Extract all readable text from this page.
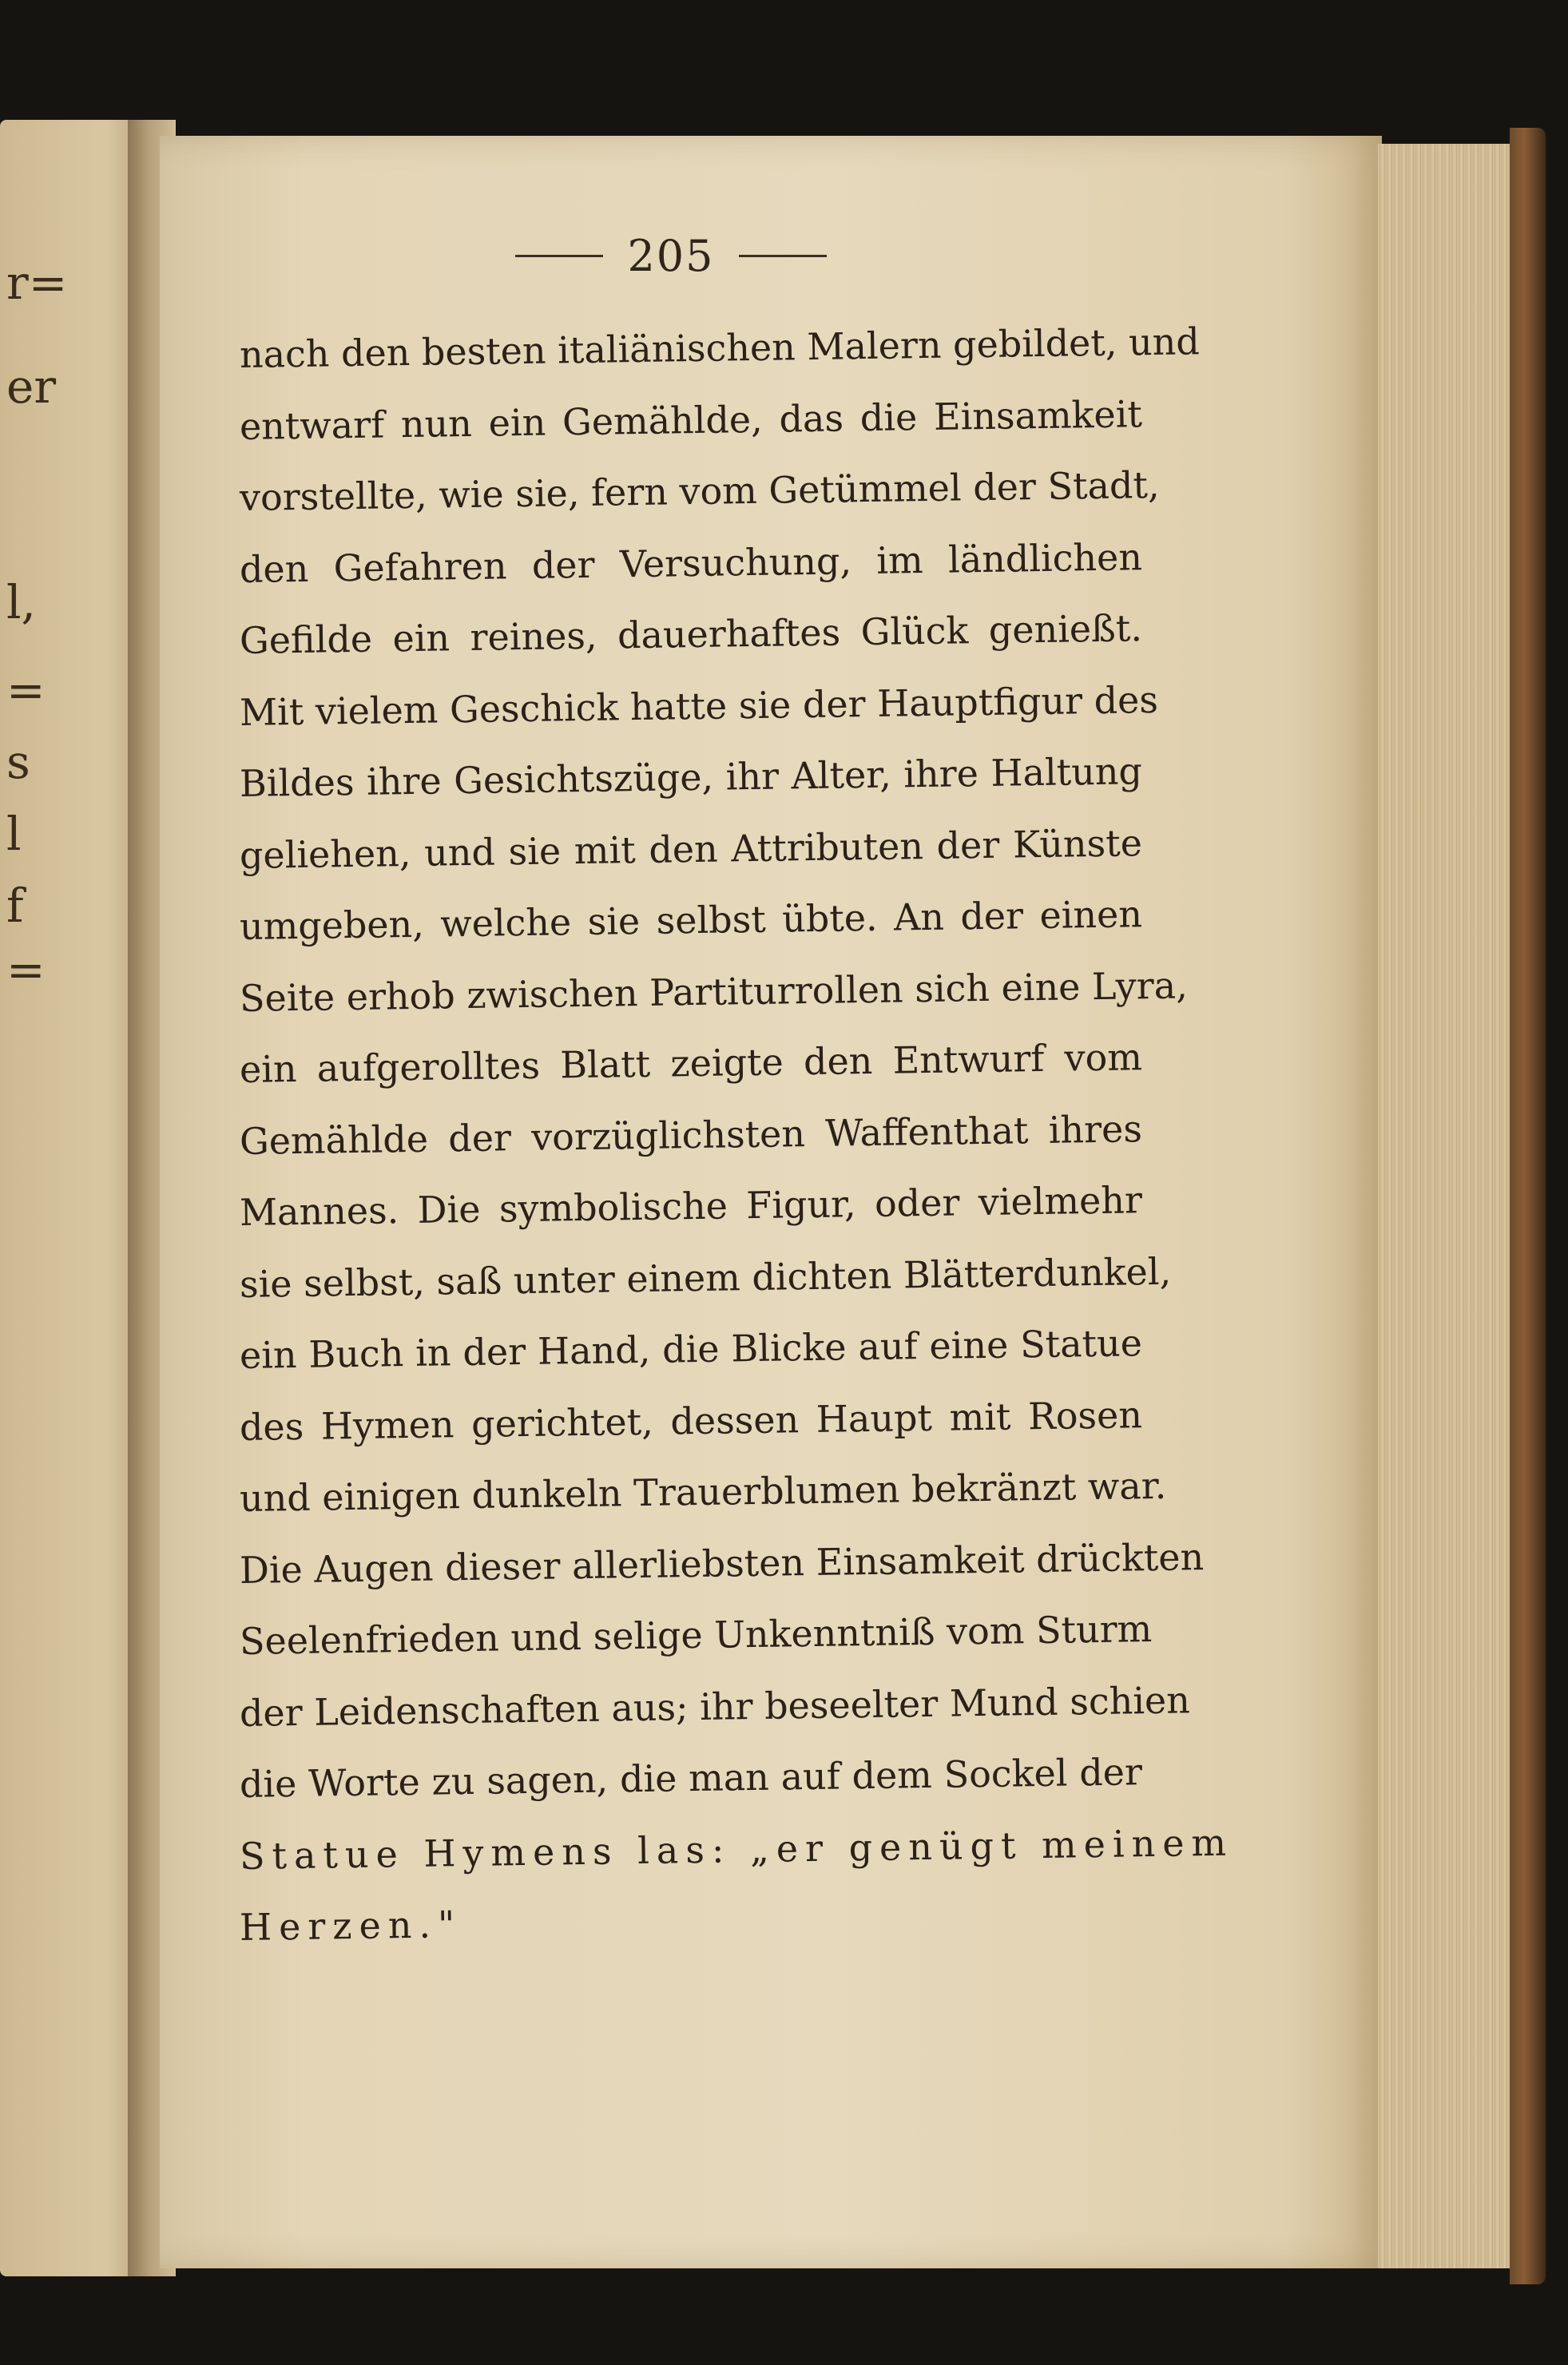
r=
er
l,
=
s
l
f
=
205
nach den besten italiänischen Malern gebildet, und
entwarf nun ein Gemählde, das die Einsamkeit
vorstellte, wie sie, fern vom Getümmel der Stadt,
den Gefahren der Versuchung, im ländlichen
Gefilde ein reines, dauerhaftes Glück genießt.
Mit vielem Geschick hatte sie der Hauptfigur des
Bildes ihre Gesichtszüge, ihr Alter, ihre Haltung
geliehen, und sie mit den Attributen der Künste
umgeben, welche sie selbst übte. An der einen
Seite erhob zwischen Partiturrollen sich eine Lyra,
ein aufgerolltes Blatt zeigte den Entwurf vom
Gemählde der vorzüglichsten Waffenthat ihres
Mannes. Die symbolische Figur, oder vielmehr
sie selbst, saß unter einem dichten Blätterdunkel,
ein Buch in der Hand, die Blicke auf eine Statue
des Hymen gerichtet, dessen Haupt mit Rosen
und einigen dunkeln Trauerblumen bekränzt war.
Die Augen dieser allerliebsten Einsamkeit drückten
Seelenfrieden und selige Unkenntniß vom Sturm
der Leidenschaften aus; ihr beseelter Mund schien
die Worte zu sagen, die man auf dem Sockel der
Statue Hymens las: „er genügt meinem
Herzen."
